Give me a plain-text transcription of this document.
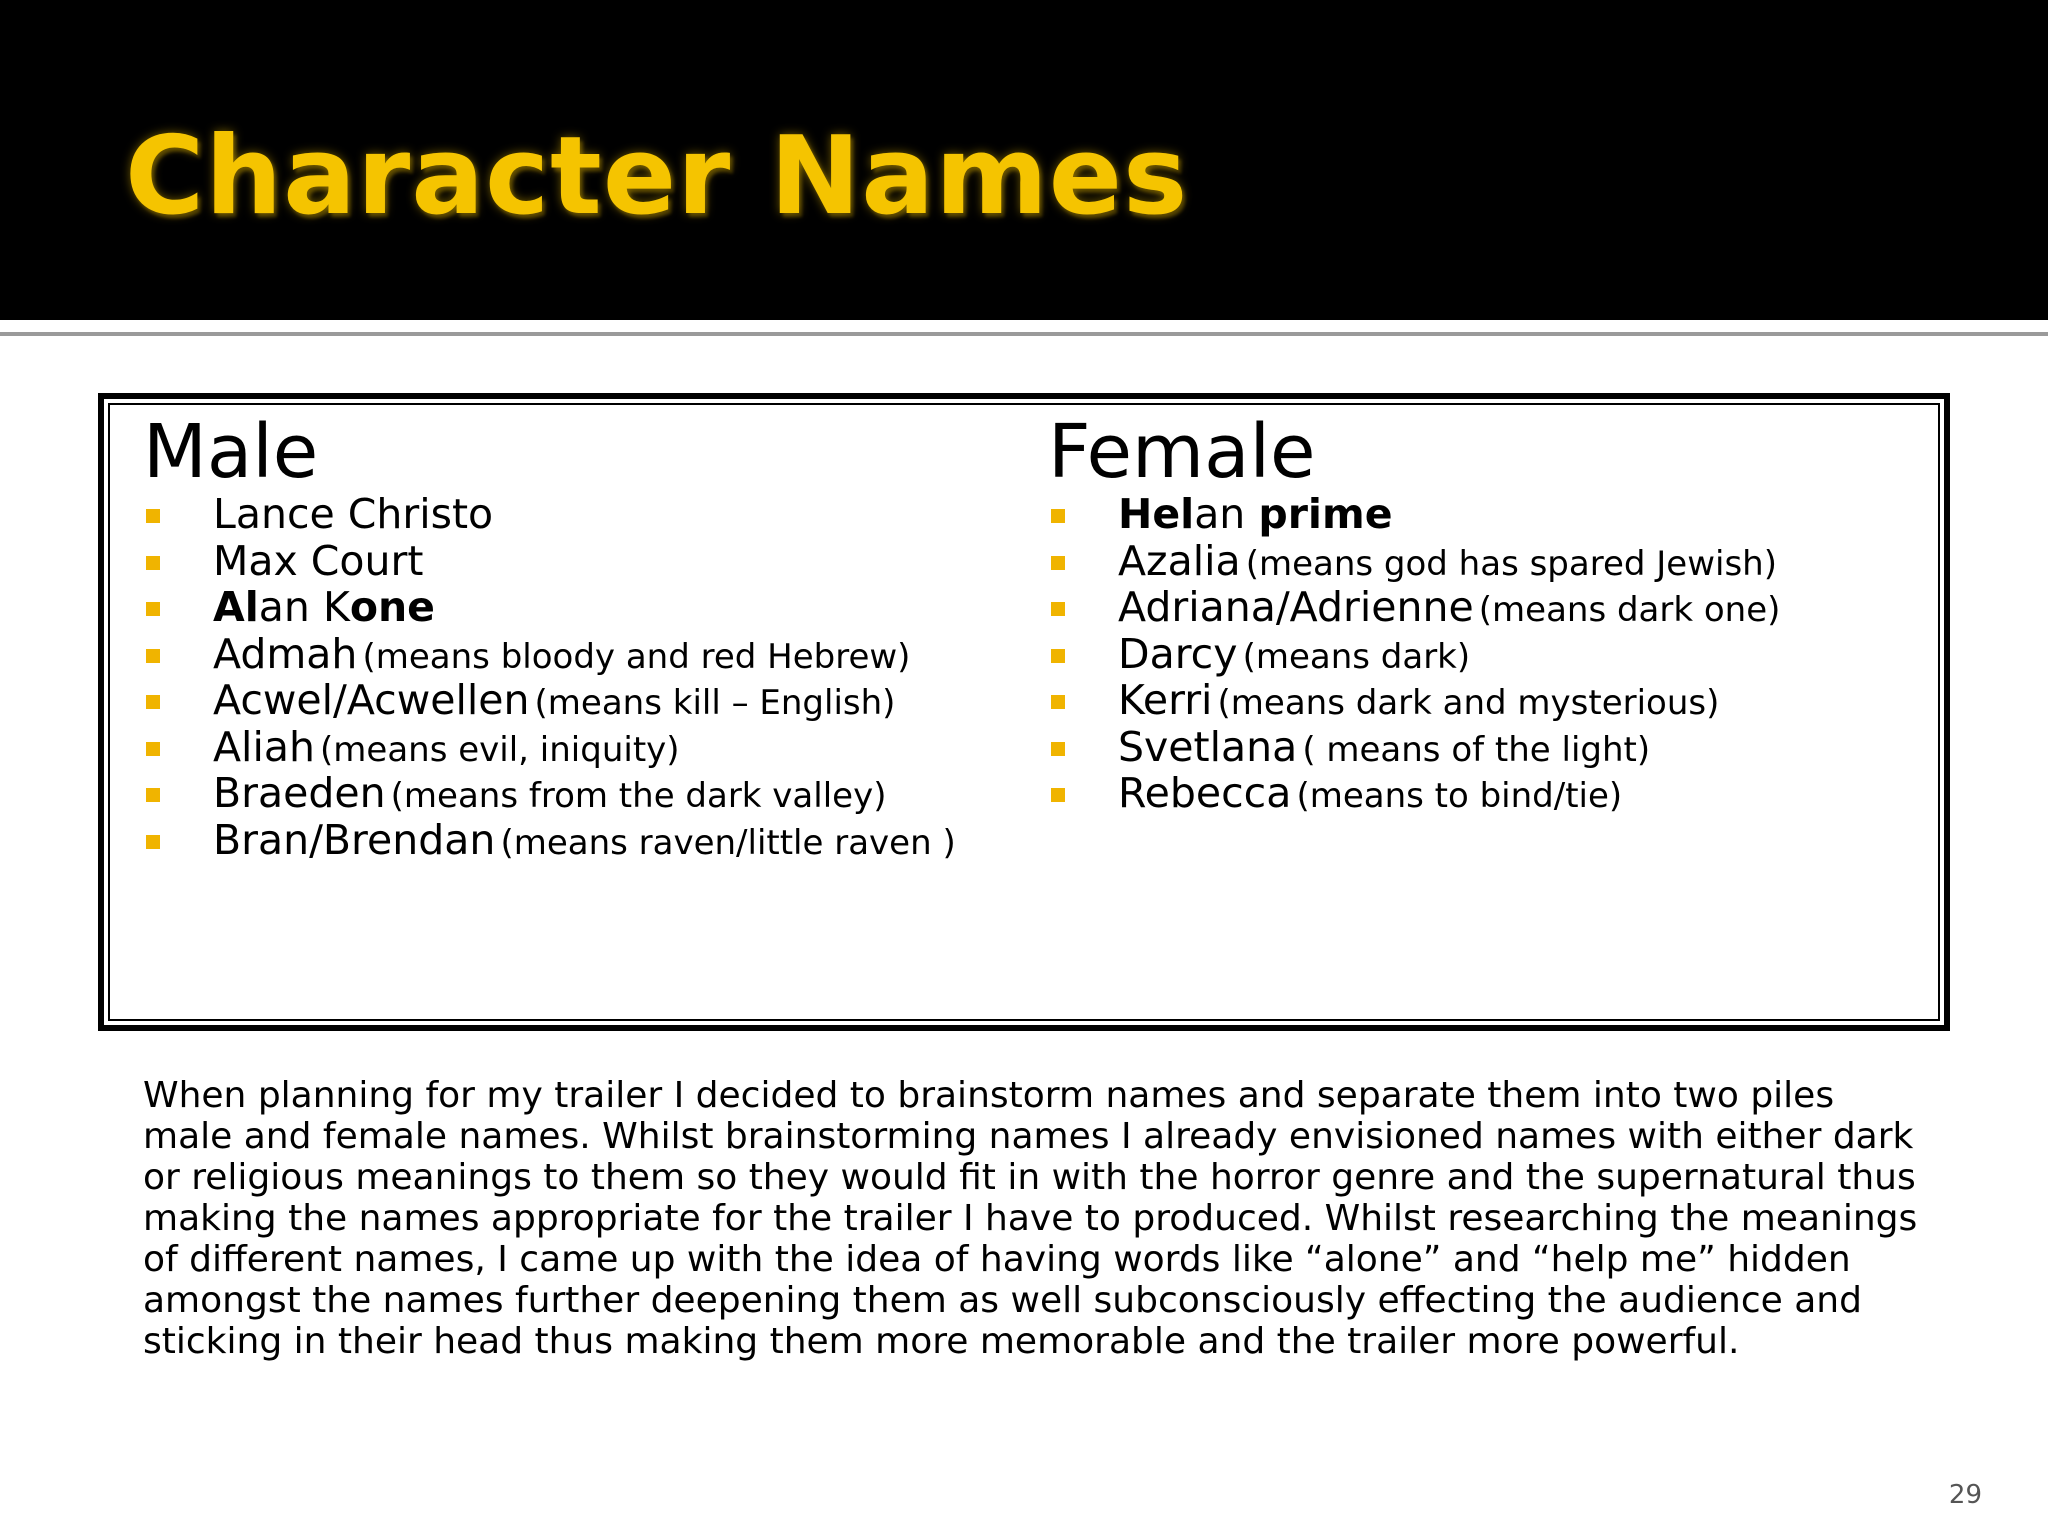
Character Names
Male
Lance Christo
Max Court
Alan Kone
Admah (means bloody and red Hebrew)
Acwel/Acwellen (means kill – English)
Aliah (means evil, iniquity)
Braeden (means from the dark valley)
Bran/Brendan (means raven/little raven )
Female
Helan prime
Azalia (means god has spared Jewish)
Adriana/Adrienne (means dark one)
Darcy (means dark)
Kerri (means dark and mysterious)
Svetlana ( means of the light)
Rebecca (means to bind/tie)

When planning for my trailer I decided to brainstorm names and separate them into two piles male and female names. Whilst brainstorming names I already envisioned names with either dark or religious meanings to them so they would fit in with the horror genre and the supernatural thus making the names appropriate for the trailer I have to produced. Whilst researching the meanings of different names, I came up with the idea of having words like “alone” and “help me” hidden amongst the names further deepening them as well subconsciously effecting the audience and sticking in their head thus making them more memorable and the trailer more powerful.

29
